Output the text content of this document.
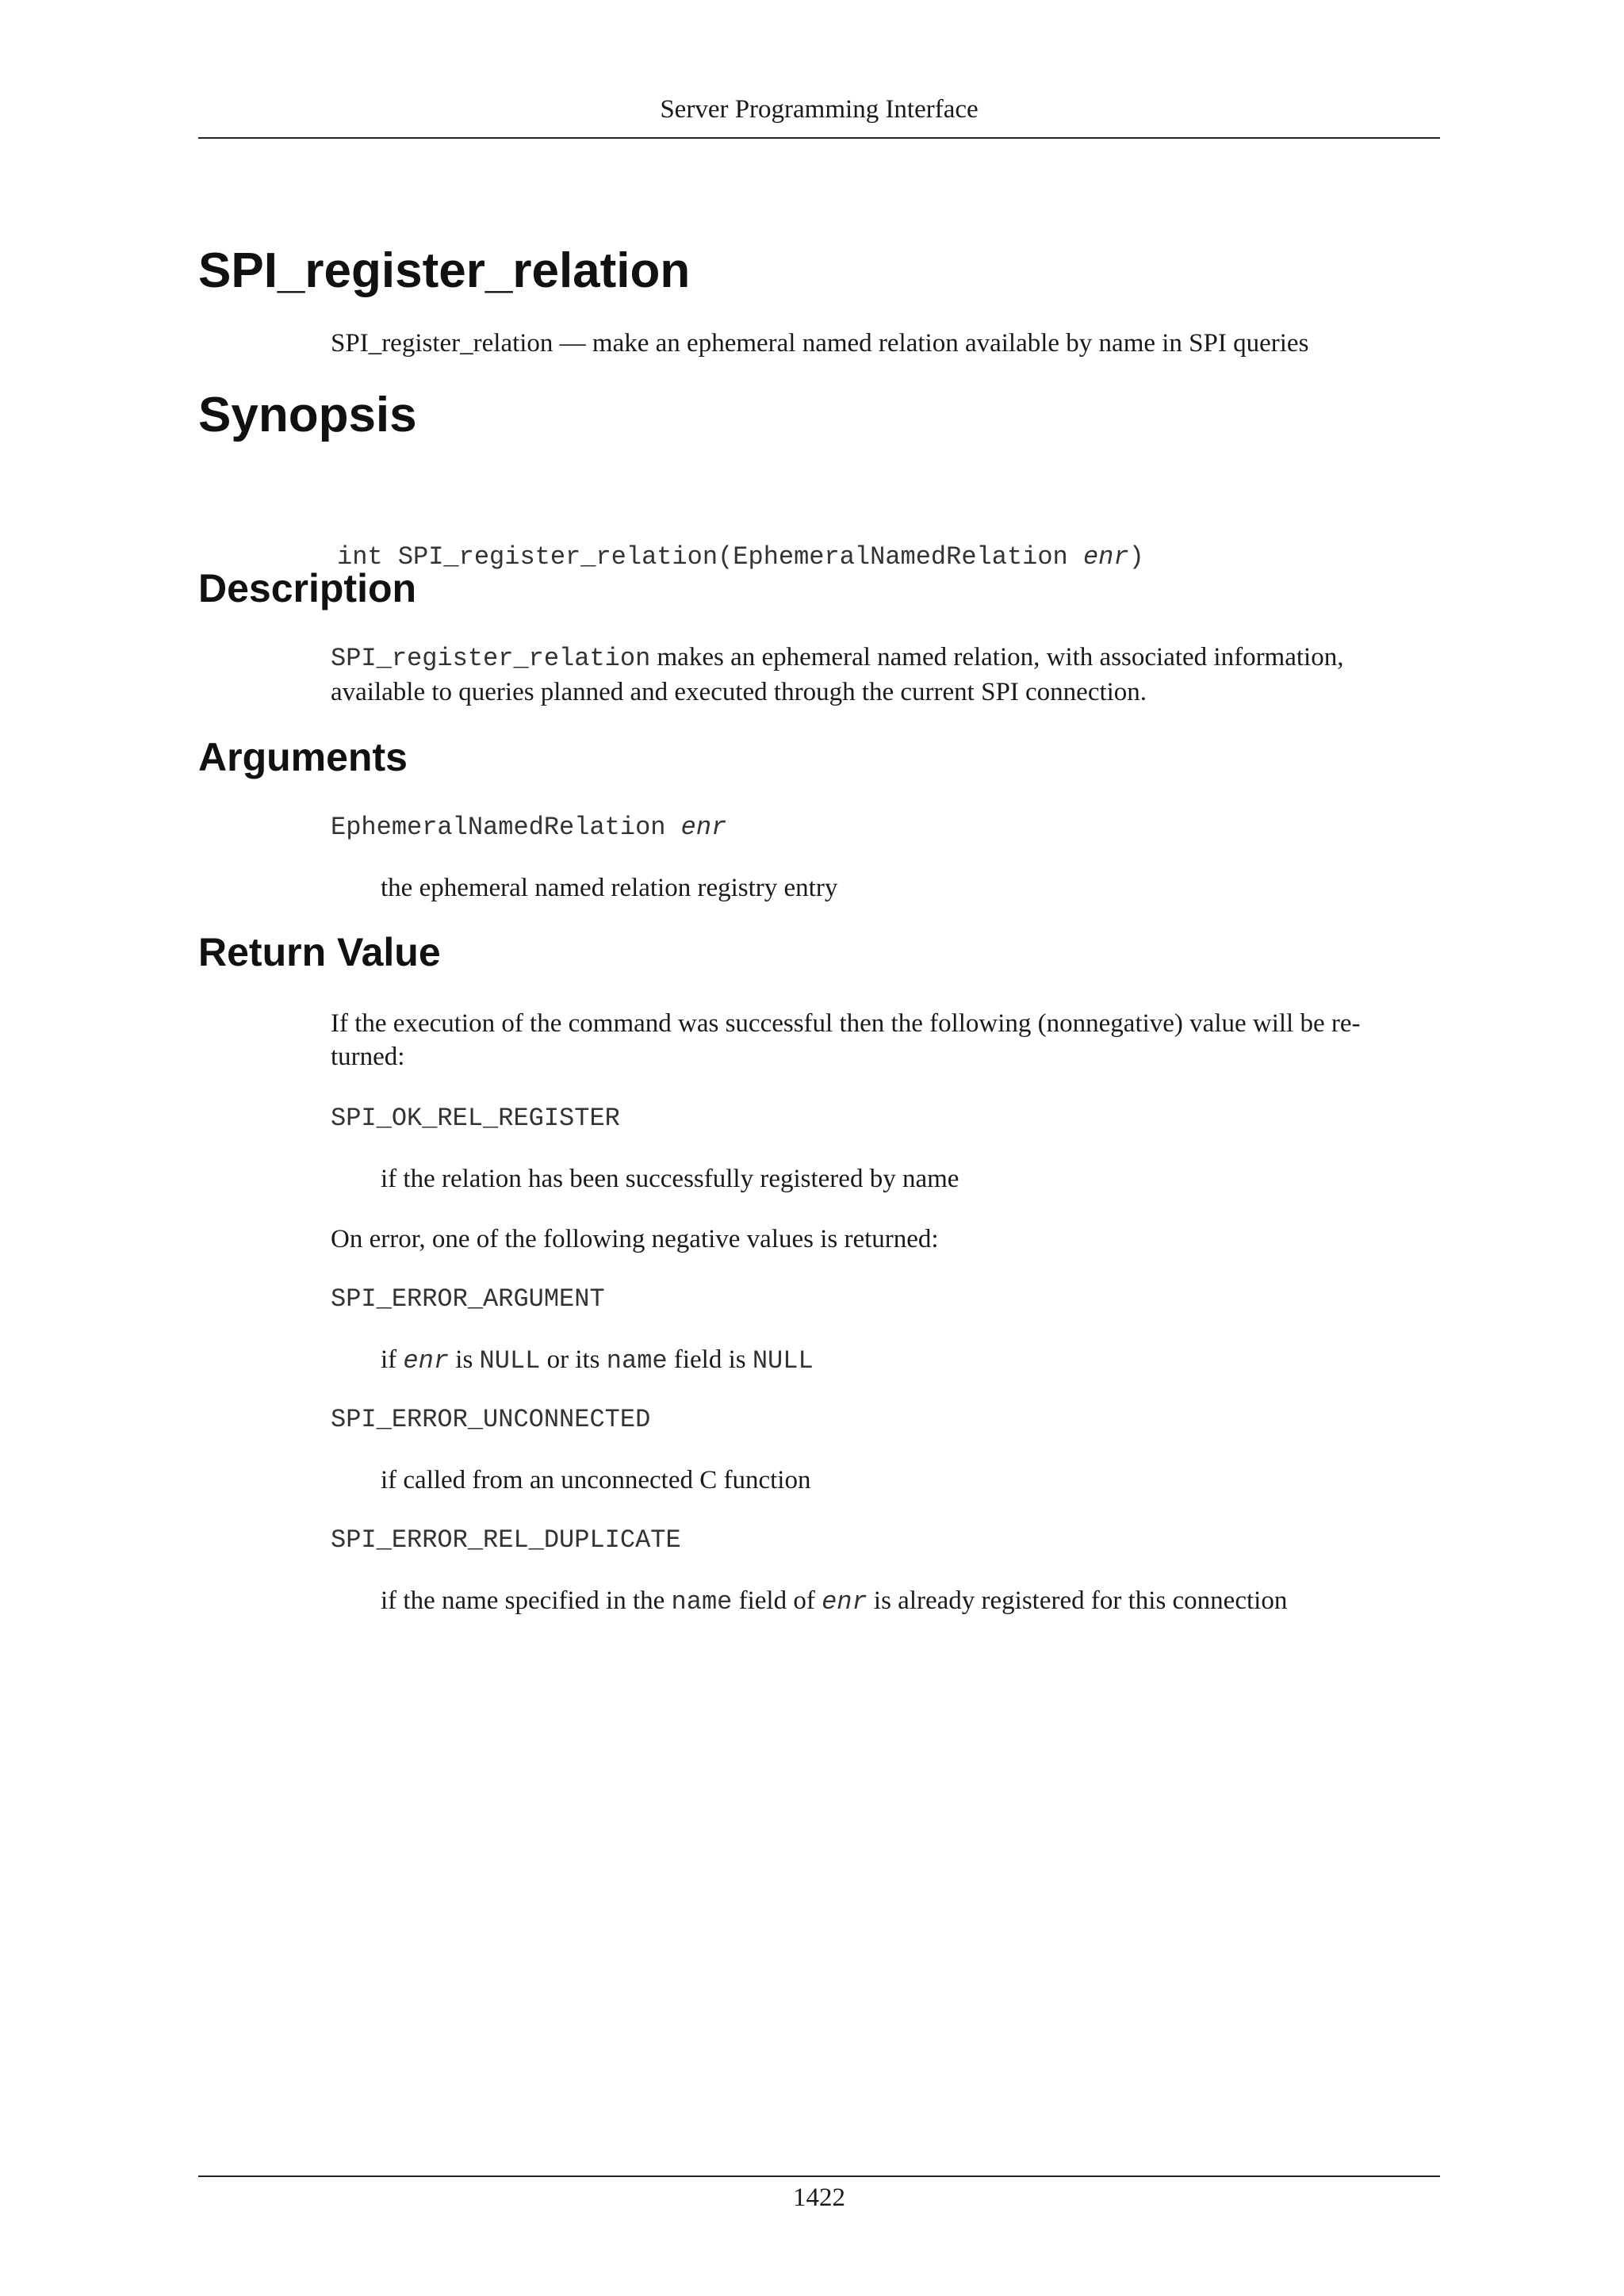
Server Programming Interface
SPI_register_relation
SPI_register_relation — make an ephemeral named relation available by name in SPI queries
Synopsis

int SPI_register_relation(EphemeralNamedRelation enr)

Description
SPI_register_relation makes an ephemeral named relation, with associated information,
available to queries planned and executed through the current SPI connection.
Arguments
EphemeralNamedRelation enr
the ephemeral named relation registry entry
Return Value
If the execution of the command was successful then the following (nonnegative) value will be re-
turned:
SPI_OK_REL_REGISTER
if the relation has been successfully registered by name
On error, one of the following negative values is returned:
SPI_ERROR_ARGUMENT
if enr is NULL or its name field is NULL
SPI_ERROR_UNCONNECTED
if called from an unconnected C function
SPI_ERROR_REL_DUPLICATE
if the name specified in the name field of enr is already registered for this connection
1422
